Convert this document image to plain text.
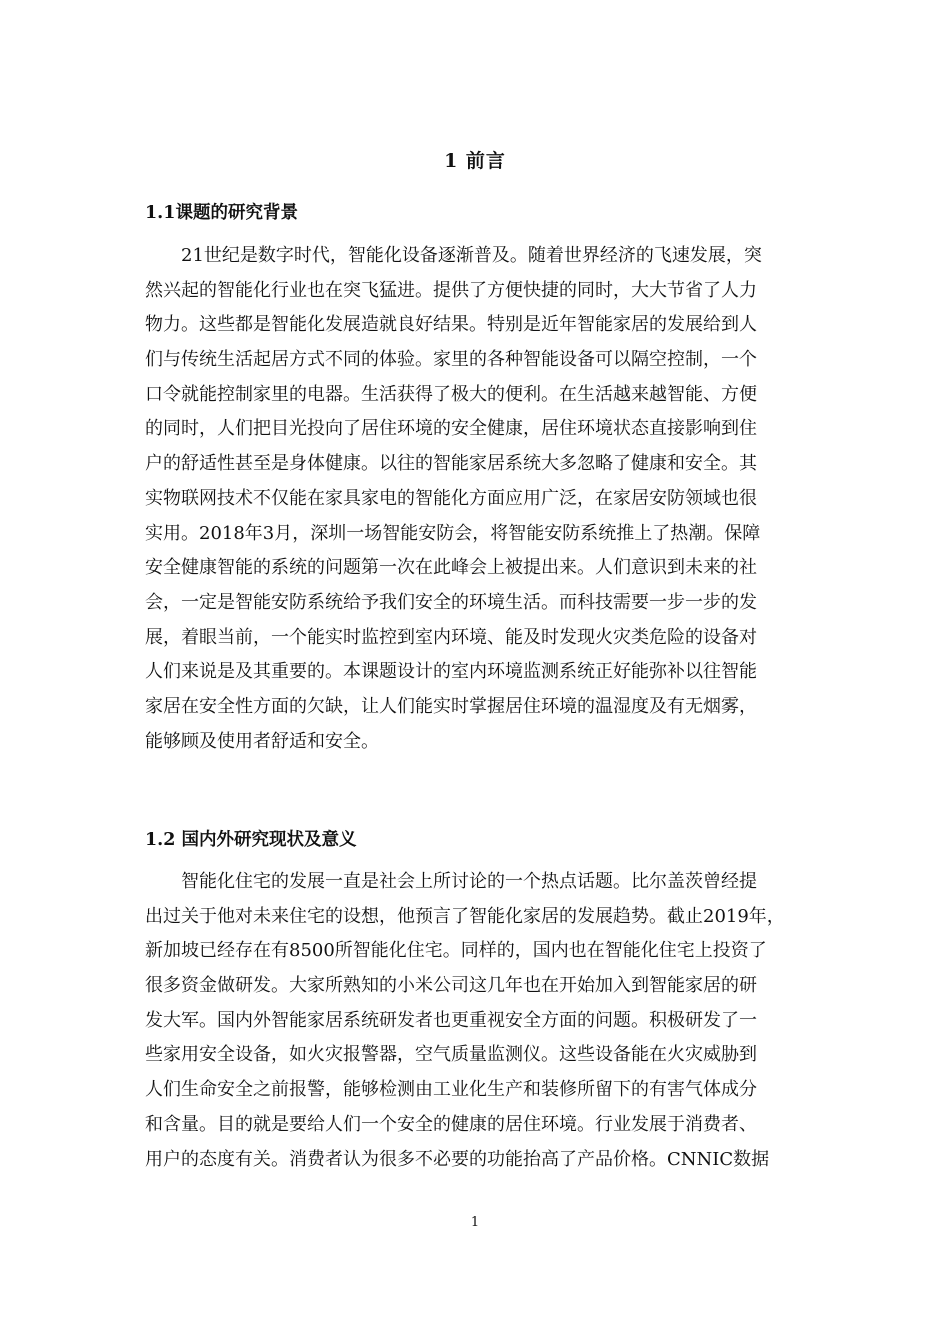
1 前言
1.1课题的研究背景
21世纪是数字时代，智能化设备逐渐普及。随着世界经济的飞速发展，突
然兴起的智能化行业也在突飞猛进。提供了方便快捷的同时，大大节省了人力
物力。这些都是智能化发展造就良好结果。特别是近年智能家居的发展给到人
们与传统生活起居方式不同的体验。家里的各种智能设备可以隔空控制，一个
口令就能控制家里的电器。生活获得了极大的便利。在生活越来越智能、方便
的同时，人们把目光投向了居住环境的安全健康，居住环境状态直接影响到住
户的舒适性甚至是身体健康。以往的智能家居系统大多忽略了健康和安全。其
实物联网技术不仅能在家具家电的智能化方面应用广泛，在家居安防领域也很
实用。2018年3月，深圳一场智能安防会，将智能安防系统推上了热潮。保障
安全健康智能的系统的问题第一次在此峰会上被提出来。人们意识到未来的社
会，一定是智能安防系统给予我们安全的环境生活。而科技需要一步一步的发
展，着眼当前，一个能实时监控到室内环境、能及时发现火灾类危险的设备对
人们来说是及其重要的。本课题设计的室内环境监测系统正好能弥补以往智能
家居在安全性方面的欠缺，让人们能实时掌握居住环境的温湿度及有无烟雾，
能够顾及使用者舒适和安全。
1.2 国内外研究现状及意义
智能化住宅的发展一直是社会上所讨论的一个热点话题。比尔盖茨曾经提
出过关于他对未来住宅的设想，他预言了智能化家居的发展趋势。截止2019年，
新加坡已经存在有8500所智能化住宅。同样的，国内也在智能化住宅上投资了
很多资金做研发。大家所熟知的小米公司这几年也在开始加入到智能家居的研
发大军。国内外智能家居系统研发者也更重视安全方面的问题。积极研发了一
些家用安全设备，如火灾报警器，空气质量监测仪。这些设备能在火灾威胁到
人们生命安全之前报警，能够检测由工业化生产和装修所留下的有害气体成分
和含量。目的就是要给人们一个安全的健康的居住环境。行业发展于消费者、
用户的态度有关。消费者认为很多不必要的功能抬高了产品价格。CNNIC数据
1
